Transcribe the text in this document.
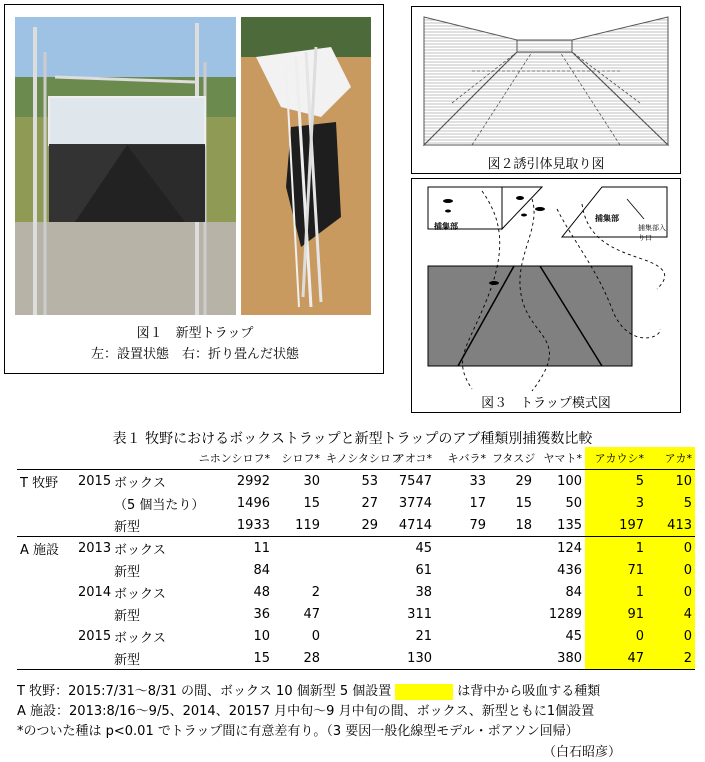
図１　新型トラップ
左：設置状態　右：折り畳んだ状態
図２誘引体見取り図
捕集部
捕集部
捕集部入り口
図３　トラップ模式図
表１ 牧野におけるボックストラップと新型トラップのアブ種類別捕獲数比較
			ニホンシロフ*	シロフ*	キノシタシロフ	アオコ*	キバラ*	フタスジ	ヤマト*	アカウシ*	アカ*
T 牧野	2015	ボックス	2992	30	53	7547	33	29	100	5	10
		（5 個当たり）	1496	15	27	3774	17	15	50	3	5
		新型	1933	119	29	4714	79	18	135	197	413
A 施設	2013	ボックス	11			45			124	1	0
		新型	84			61			436	71	0
	2014	ボックス	48	2		38			84	1	0
		新型	36	47		311			1289	91	4
	2015	ボックス	10	0		21			45	0	0
		新型	15	28		130			380	47	2
T 牧野：2015:7/31～8/31 の間、ボックス 10 個新型 5 個設置	は背中から吸血する種類
A 施設：2013:8/16～9/5、2014、20157 月中旬～9 月中旬の間、ボックス、新型ともに1個設置
*のついた種は p<0.01 でトラップ間に有意差有り。（3 要因一般化線型モデル・ポアソン回帰）
（白石昭彦）
